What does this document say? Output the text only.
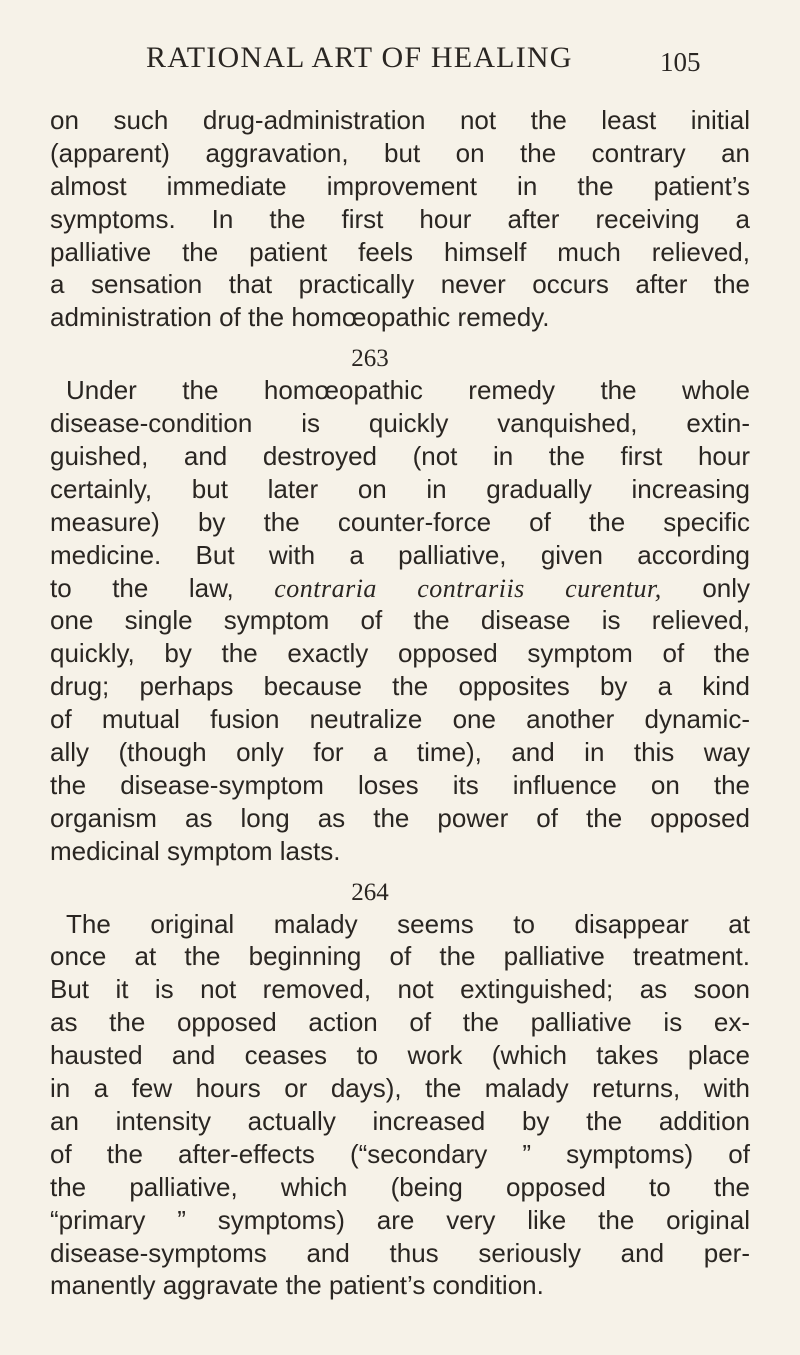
RATIONAL ART OF HEALING	105
on such drug-administration not the least initial
(apparent) aggravation, but on the contrary an
almost immediate improvement in the patient’s
symptoms. In the first hour after receiving a
palliative the patient feels himself much relieved,
a sensation that practically never occurs after the
administration of the homœopathic remedy.
263
Under the homœopathic remedy the whole
disease-condition is quickly vanquished, extin-
guished, and destroyed (not in the first hour
certainly, but later on in gradually increasing
measure) by the counter-force of the specific
medicine. But with a palliative, given according
to the law, contraria contrariis curentur, only
one single symptom of the disease is relieved,
quickly, by the exactly opposed symptom of the
drug; perhaps because the opposites by a kind
of mutual fusion neutralize one another dynamic-
ally (though only for a time), and in this way
the disease-symptom loses its influence on the
organism as long as the power of the opposed
medicinal symptom lasts.
264
The original malady seems to disappear at
once at the beginning of the palliative treatment.
But it is not removed, not extinguished; as soon
as the opposed action of the palliative is ex-
hausted and ceases to work (which takes place
in a few hours or days), the malady returns, with
an intensity actually increased by the addition
of the after-effects (“secondary ” symptoms) of
the palliative, which (being opposed to the
“primary ” symptoms) are very like the original
disease-symptoms and thus seriously and per-
manently aggravate the patient’s condition.
